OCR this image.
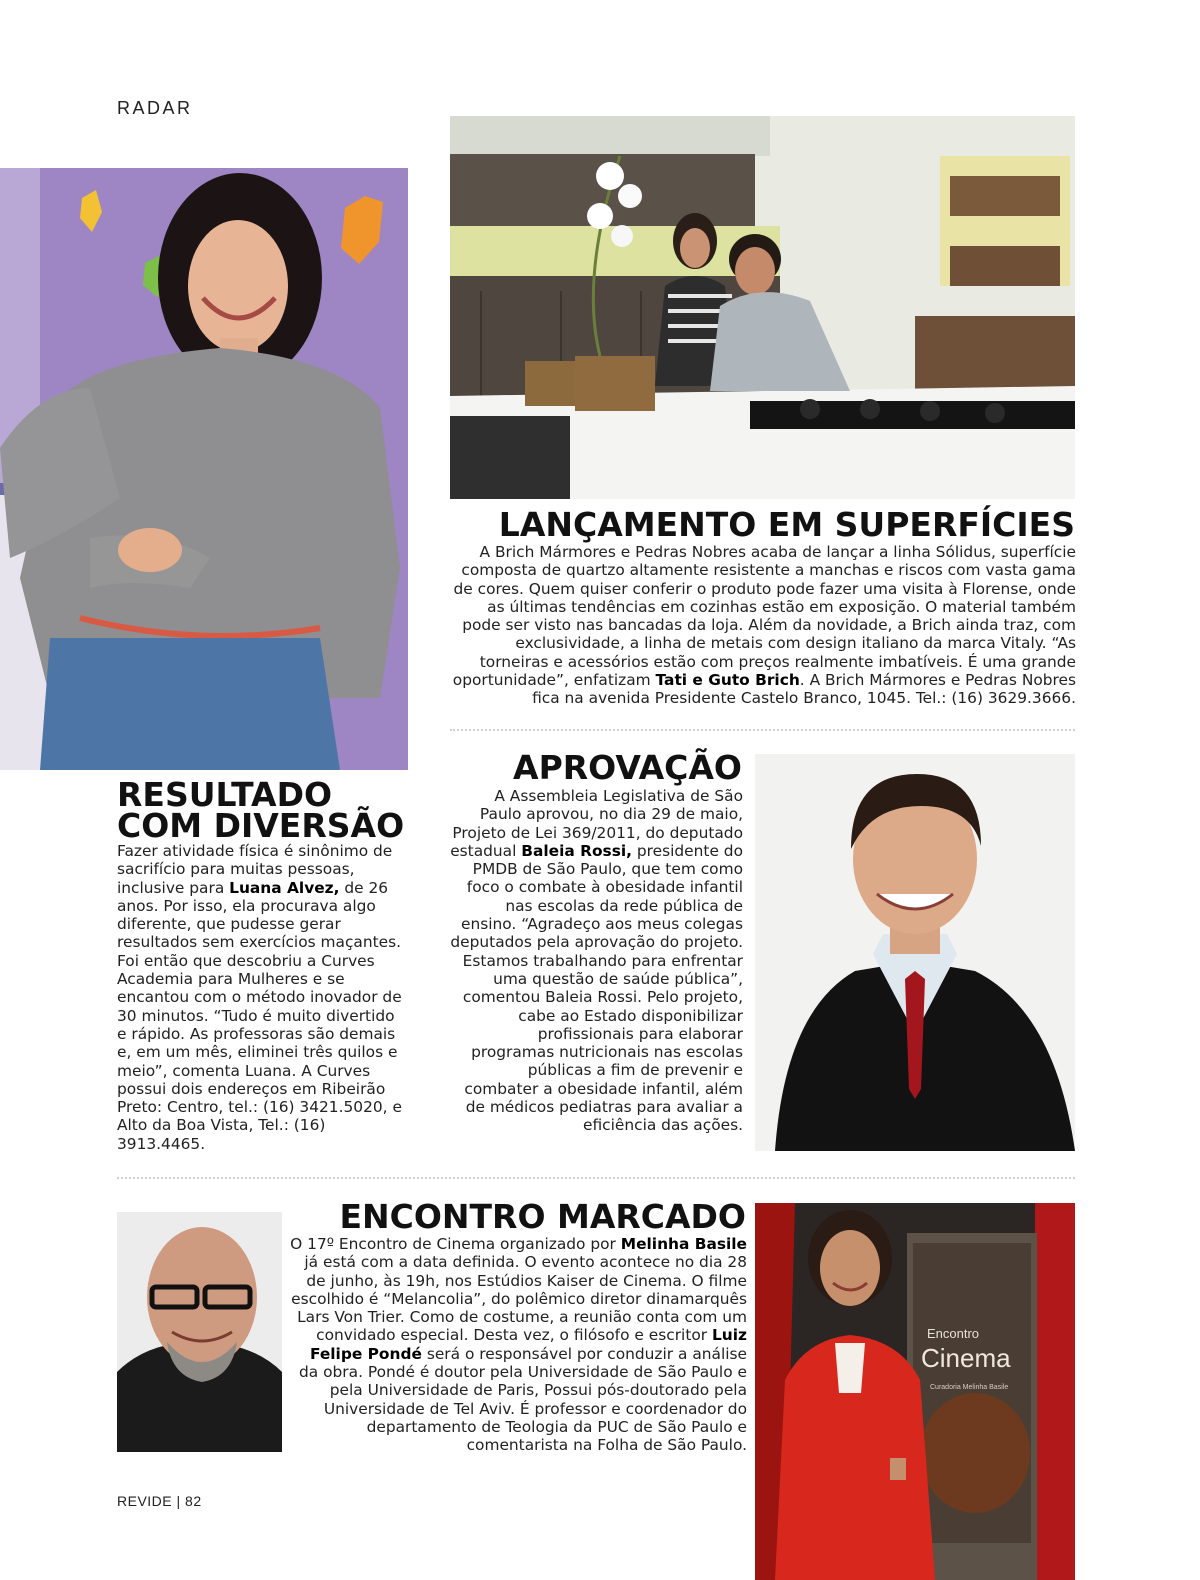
RADAR
LANÇAMENTO EM SUPERFÍCIES
A Brich Mármores e Pedras Nobres acaba de lançar a linha Sólidus, superfície composta de quartzo altamente resistente a manchas e riscos com vasta gama de cores. Quem quiser conferir o produto pode fazer uma visita à Florense, onde as últimas tendências em cozinhas estão em exposição. O material também pode ser visto nas bancadas da loja. Além da novidade, a Brich ainda traz, com exclusividade, a linha de metais com design italiano da marca Vitaly. “As torneiras e acessórios estão com preços realmente imbatíveis. É uma grande oportunidade”, enfatizam Tati e Guto Brich. A Brich Mármores e Pedras Nobres fica na avenida Presidente Castelo Branco, 1045. Tel.: (16) 3629.3666.
RESULTADO
COM DIVERSÃO
Fazer atividade física é sinônimo de sacrifício para muitas pessoas, inclusive para Luana Alvez, de 26 anos. Por isso, ela procurava algo diferente, que pudesse gerar resultados sem exercícios maçantes. Foi então que descobriu a Curves Academia para Mulheres e se encantou com o método inovador de 30 minutos. “Tudo é muito divertido e rápido. As professoras são demais e, em um mês, eliminei três quilos e meio”, comenta Luana. A Curves possui dois endereços em Ribeirão Preto: Centro, tel.: (16) 3421.5020, e Alto da Boa Vista, Tel.: (16) 3913.4465.
APROVAÇÃO
A Assembleia Legislativa de São Paulo aprovou, no dia 29 de maio, Projeto de Lei 369/2011, do deputado estadual Baleia Rossi, presidente do PMDB de São Paulo, que tem como foco o combate à obesidade infantil nas escolas da rede pública de ensino. “Agradeço aos meus colegas deputados pela aprovação do projeto. Estamos trabalhando para enfrentar uma questão de saúde pública”, comentou Baleia Rossi. Pelo projeto, cabe ao Estado disponibilizar profissionais para elaborar programas nutricionais nas escolas públicas a fim de prevenir e combater a obesidade infantil, além de médicos pediatras para avaliar a eficiência das ações.
ENCONTRO MARCADO
O 17º Encontro de Cinema organizado por Melinha Basile já está com a data definida. O evento acontece no dia 28 de junho, às 19h, nos Estúdios Kaiser de Cinema. O filme escolhido é “Melancolia”, do polêmico diretor dinamarquês Lars Von Trier. Como de costume, a reunião conta com um convidado especial. Desta vez, o filósofo e escritor Luiz Felipe Pondé será o responsável por conduzir a análise da obra. Pondé é doutor pela Universidade de São Paulo e pela Universidade de Paris, Possui pós-doutorado pela Universidade de Tel Aviv. É professor e coordenador do departamento de Teologia da PUC de São Paulo e comentarista na Folha de São Paulo.
Encontro
Cinema
Curadoria Melinha Basile
REVIDE | 82
